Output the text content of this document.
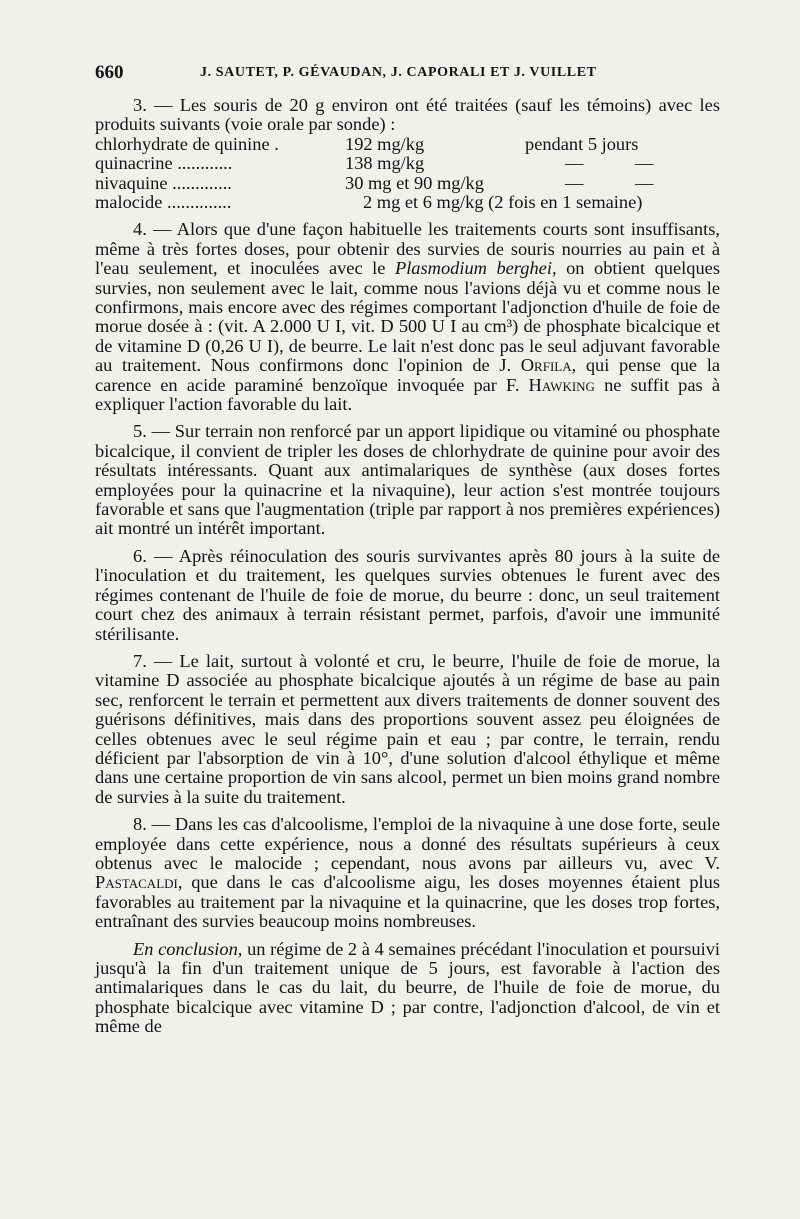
660	J. SAUTET, P. GÉVAUDAN, J. CAPORALI ET J. VUILLET

3. — Les souris de 20 g environ ont été traitées (sauf les témoins) avec les produits suivants (voie orale par sonde) :

chlorhydrate de quinine .	192 mg/kg	pendant 5 jours
quinacrine ............	138 mg/kg	—	—
nivaquine .............	30 mg et 90 mg/kg	—	—
malocide ..............	2 mg et 6 mg/kg (2 fois en 1 semaine)

4. — Alors que d'une façon habituelle les traitements courts sont insuffisants, même à très fortes doses, pour obtenir des survies de souris nourries au pain et à l'eau seulement, et inoculées avec le Plasmodium berghei, on obtient quelques survies, non seulement avec le lait, comme nous l'avions déjà vu et comme nous le confirmons, mais encore avec des régimes comportant l'adjonction d'huile de foie de morue dosée à : (vit. A 2.000 U I, vit. D 500 U I au cm³) de phosphate bicalcique et de vitamine D (0,26 U I), de beurre. Le lait n'est donc pas le seul adjuvant favorable au traitement. Nous confirmons donc l'opinion de J. Orfila, qui pense que la carence en acide paraminé benzoïque invoquée par F. Hawking ne suffit pas à expliquer l'action favorable du lait.

5. — Sur terrain non renforcé par un apport lipidique ou vitaminé ou phosphate bicalcique, il convient de tripler les doses de chlorhydrate de quinine pour avoir des résultats intéressants. Quant aux antimalariques de synthèse (aux doses fortes employées pour la quinacrine et la nivaquine), leur action s'est montrée toujours favorable et sans que l'augmentation (triple par rapport à nos premières expériences) ait montré un intérêt important.

6. — Après réinoculation des souris survivantes après 80 jours à la suite de l'inoculation et du traitement, les quelques survies obtenues le furent avec des régimes contenant de l'huile de foie de morue, du beurre : donc, un seul traitement court chez des animaux à terrain résistant permet, parfois, d'avoir une immunité stérilisante.

7. — Le lait, surtout à volonté et cru, le beurre, l'huile de foie de morue, la vitamine D associée au phosphate bicalcique ajoutés à un régime de base au pain sec, renforcent le terrain et permettent aux divers traitements de donner souvent des guérisons définitives, mais dans des proportions souvent assez peu éloignées de celles obtenues avec le seul régime pain et eau ; par contre, le terrain, rendu déficient par l'absorption de vin à 10°, d'une solution d'alcool éthylique et même dans une certaine proportion de vin sans alcool, permet un bien moins grand nombre de survies à la suite du traitement.

8. — Dans les cas d'alcoolisme, l'emploi de la nivaquine à une dose forte, seule employée dans cette expérience, nous a donné des résultats supérieurs à ceux obtenus avec le malocide ; cependant, nous avons par ailleurs vu, avec V. Pastacaldi, que dans le cas d'alcoolisme aigu, les doses moyennes étaient plus favorables au traitement par la nivaquine et la quinacrine, que les doses trop fortes, entraînant des survies beaucoup moins nombreuses.

En conclusion, un régime de 2 à 4 semaines précédant l'inoculation et poursuivi jusqu'à la fin d'un traitement unique de 5 jours, est favorable à l'action des antimalariques dans le cas du lait, du beurre, de l'huile de foie de morue, du phosphate bicalcique avec vitamine D ; par contre, l'adjonction d'alcool, de vin et même de
